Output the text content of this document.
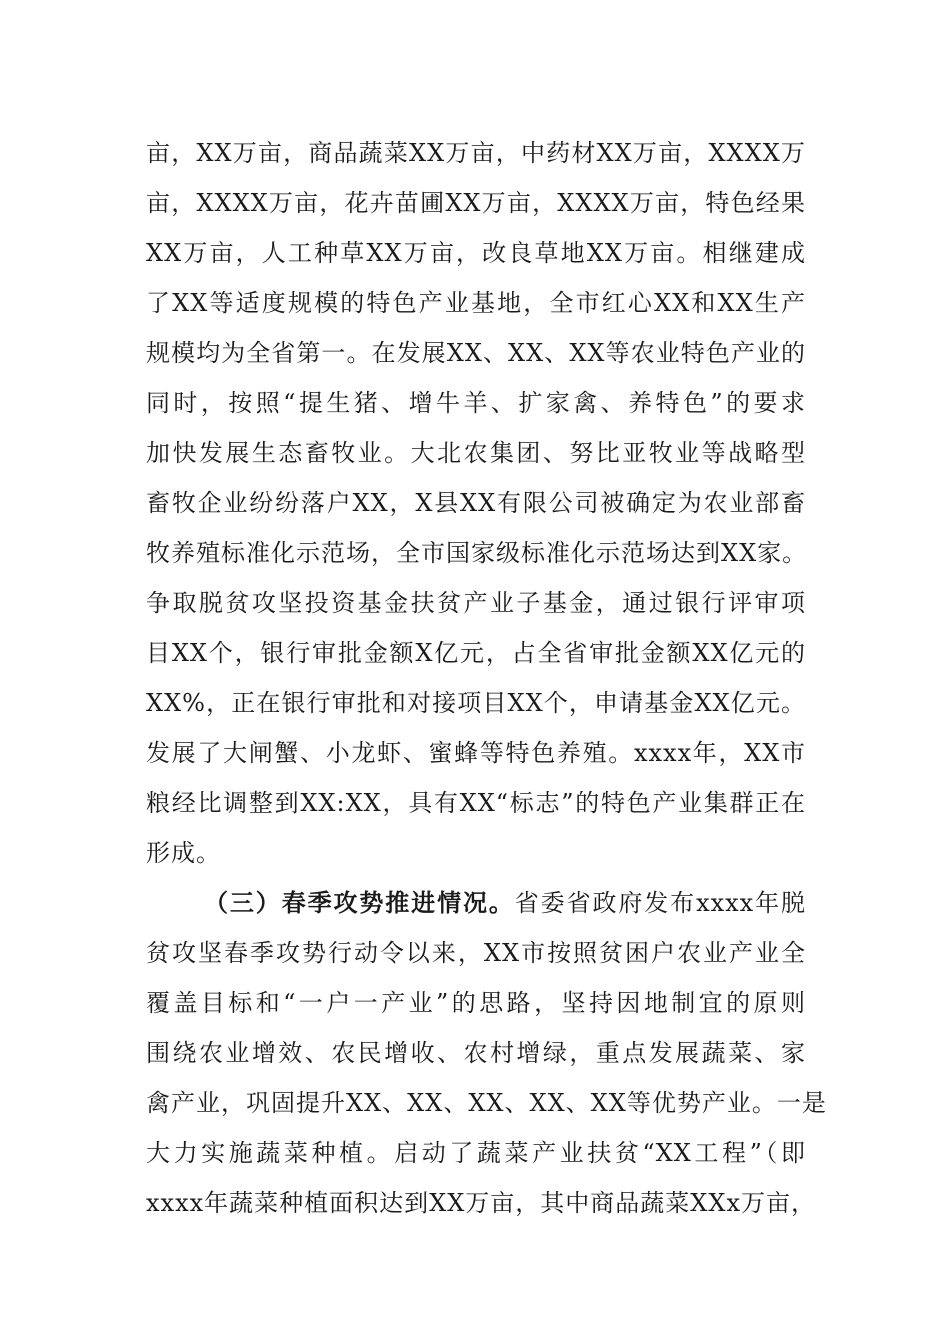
亩，XX万亩，商品蔬菜XX万亩，中药材XX万亩，XXXX万
亩，XXXX万亩，花卉苗圃XX万亩，XXXX万亩，特色经果
XX万亩，人工种草XX万亩，改良草地XX万亩。相继建成
了XX等适度规模的特色产业基地，全市红心XX和XX生产
规模均为全省第一。在发展XX、XX、XX等农业特色产业的
同时，按照“提生猪、增牛羊、扩家禽、养特色”的要求
加快发展生态畜牧业。大北农集团、努比亚牧业等战略型
畜牧企业纷纷落户XX，X县XX有限公司被确定为农业部畜
牧养殖标准化示范场，全市国家级标准化示范场达到XX家。
争取脱贫攻坚投资基金扶贫产业子基金，通过银行评审项
目XX个，银行审批金额X亿元，占全省审批金额XX亿元的
XX%，正在银行审批和对接项目XX个，申请基金XX亿元。
发展了大闸蟹、小龙虾、蜜蜂等特色养殖。xxxx年，XX市
粮经比调整到XX:XX，具有XX“标志”的特色产业集群正在
形成。
（三）春季攻势推进情况。省委省政府发布xxxx年脱
贫攻坚春季攻势行动令以来，XX市按照贫困户农业产业全
覆盖目标和“一户一产业”的思路，坚持因地制宜的原则
围绕农业增效、农民增收、农村增绿，重点发展蔬菜、家
禽产业，巩固提升XX、XX、XX、XX、XX等优势产业。一是
大力实施蔬菜种植。启动了蔬菜产业扶贫“XX工程”（即
xxxx年蔬菜种植面积达到XX万亩，其中商品蔬菜XXx万亩，
